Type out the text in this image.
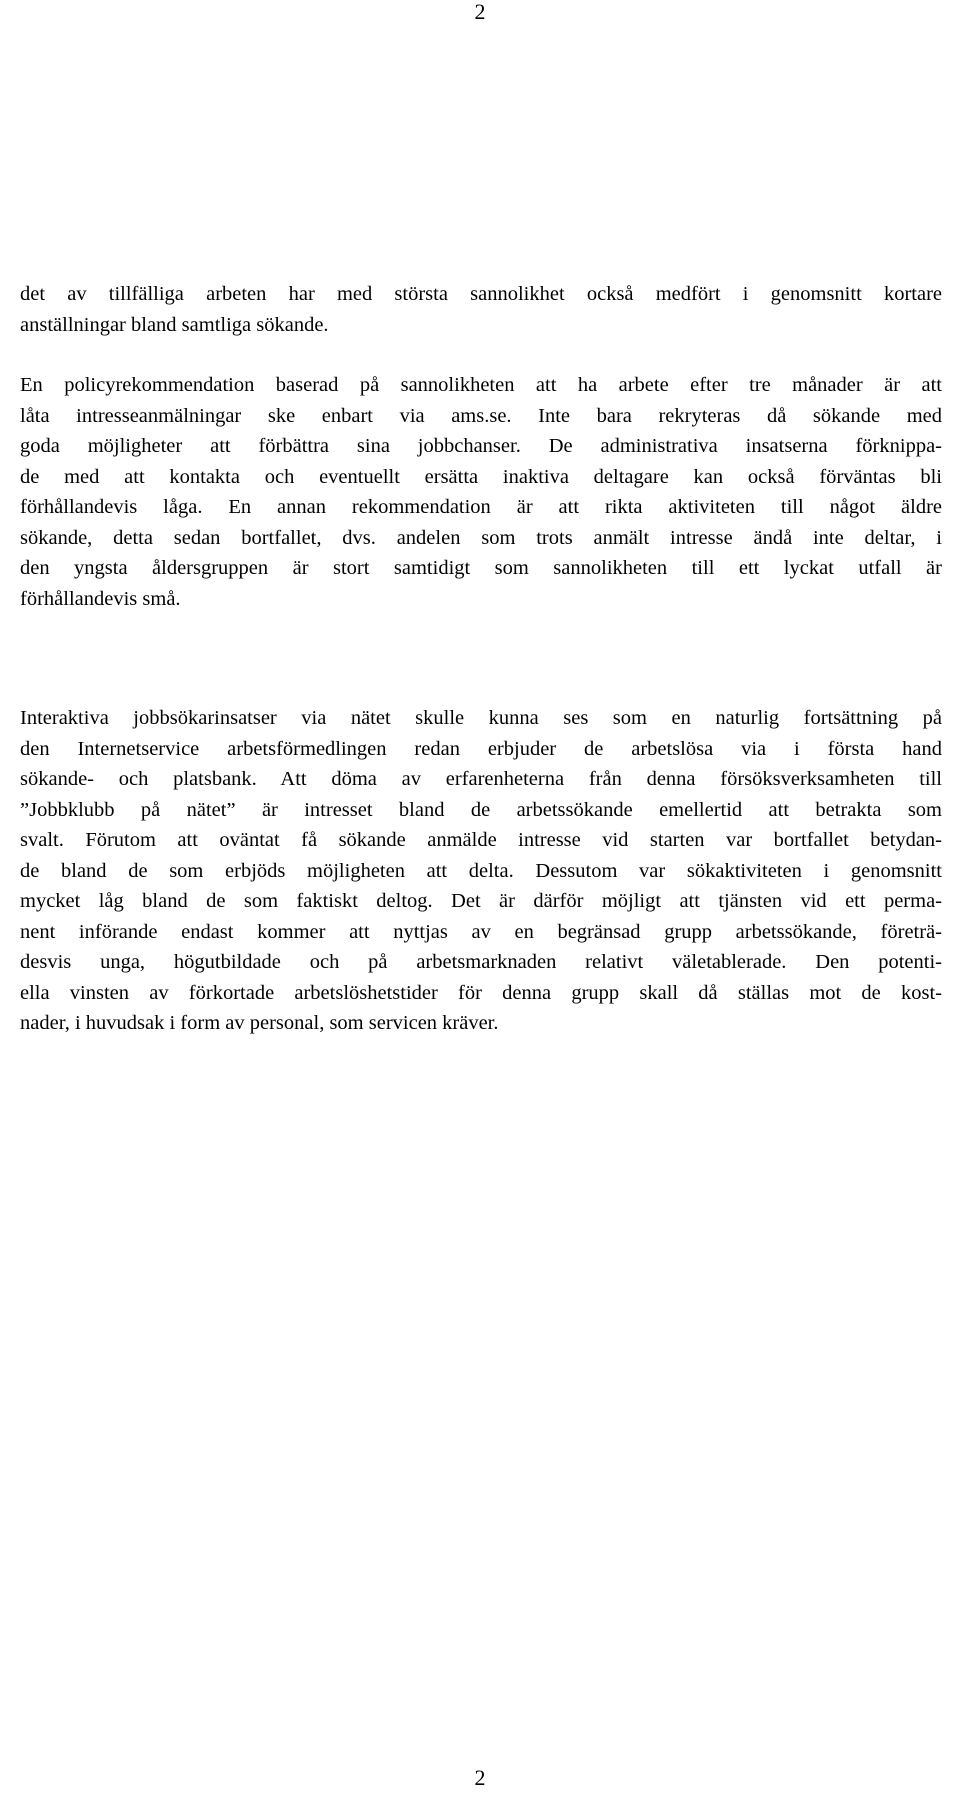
2

det av tillfälliga arbeten har med största sannolikhet också medfört i genomsnitt kortare
anställningar bland samtliga sökande.

En policyrekommendation baserad på sannolikheten att ha arbete efter tre månader är att
låta intresseanmälningar ske enbart via ams.se. Inte bara rekryteras då sökande med
goda möjligheter att förbättra sina jobbchanser. De administrativa insatserna förknippa-
de med att kontakta och eventuellt ersätta inaktiva deltagare kan också förväntas bli
förhållandevis låga. En annan rekommendation är att rikta aktiviteten till något äldre
sökande, detta sedan bortfallet, dvs. andelen som trots anmält intresse ändå inte deltar, i
den yngsta åldersgruppen är stort samtidigt som sannolikheten till ett lyckat utfall är
förhållandevis små.

Interaktiva jobbsökarinsatser via nätet skulle kunna ses som en naturlig fortsättning på
den Internetservice arbetsförmedlingen redan erbjuder de arbetslösa via i första hand
sökande- och platsbank. Att döma av erfarenheterna från denna försöksverksamheten till
”Jobbklubb på nätet” är intresset bland de arbetssökande emellertid att betrakta som
svalt. Förutom att oväntat få sökande anmälde intresse vid starten var bortfallet betydan-
de bland de som erbjöds möjligheten att delta. Dessutom var sökaktiviteten i genomsnitt
mycket låg bland de som faktiskt deltog. Det är därför möjligt att tjänsten vid ett perma-
nent införande endast kommer att nyttjas av en begränsad grupp arbetssökande, företrä-
desvis unga, högutbildade och på arbetsmarknaden relativt väletablerade. Den potenti-
ella vinsten av förkortade arbetslöshetstider för denna grupp skall då ställas mot de kost-
nader, i huvudsak i form av personal, som servicen kräver.

2
